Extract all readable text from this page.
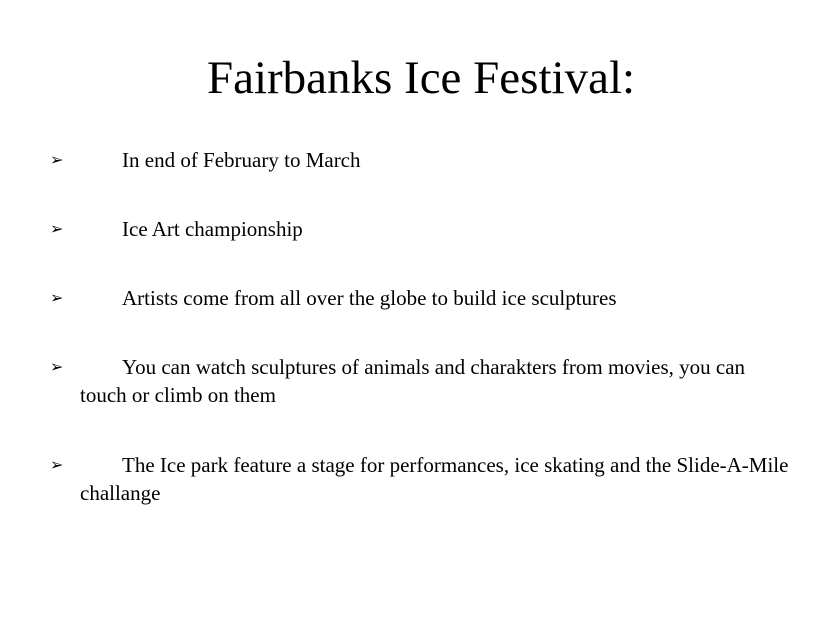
Fairbanks Ice Festival:
➢	In end of February to March
➢	Ice Art championship
➢	Artists come from all over the globe to build ice sculptures
➢	You can watch sculptures of animals and charakters from movies, you can touch or climb on them
➢	The Ice park feature a stage for performances, ice skating and the Slide-A-Mile challange
